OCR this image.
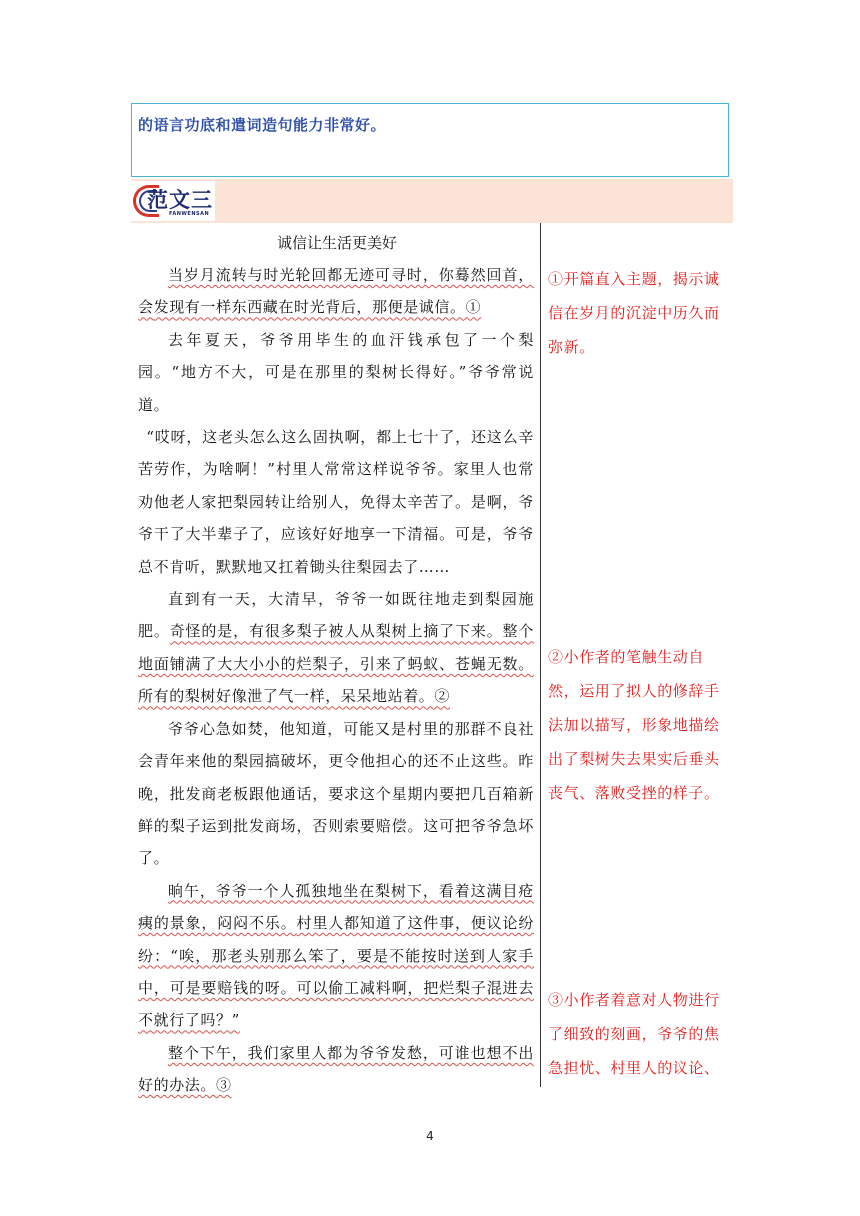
的语言功底和遣词造句能力非常好。
范文三
FANWENSAN
诚信让生活更美好

当岁月流转与时光轮回都无迹可寻时，你蓦然回首，会发现有一样东西藏在时光背后，那便是诚信。①

去年夏天，爷爷用毕生的血汗钱承包了一个梨园。“地方不大，可是在那里的梨树长得好。”爷爷常说道。

“哎呀，这老头怎么这么固执啊，都上七十了，还这么辛苦劳作，为啥啊！”村里人常常这样说爷爷。家里人也常劝他老人家把梨园转让给别人，免得太辛苦了。是啊，爷爷干了大半辈子了，应该好好地享一下清福。可是，爷爷总不肯听，默默地又扛着锄头往梨园去了……

直到有一天，大清早，爷爷一如既往地走到梨园施肥。奇怪的是，有很多梨子被人从梨树上摘了下来。整个地面铺满了大大小小的烂梨子，引来了蚂蚁、苍蝇无数。所有的梨树好像泄了气一样，呆呆地站着。②

爷爷心急如焚，他知道，可能又是村里的那群不良社会青年来他的梨园搞破坏，更令他担心的还不止这些。昨晚，批发商老板跟他通话，要求这个星期内要把几百箱新鲜的梨子运到批发商场，否则索要赔偿。这可把爷爷急坏了。

晌午，爷爷一个人孤独地坐在梨树下，看着这满目疮痍的景象，闷闷不乐。村里人都知道了这件事，便议论纷纷：“唉，那老头别那么笨了，要是不能按时送到人家手中，可是要赔钱的呀。可以偷工减料啊，把烂梨子混进去不就行了吗？”

整个下午，我们家里人都为爷爷发愁，可谁也想不出好的办法。③

①开篇直入主题，揭示诚信在岁月的沉淀中历久而弥新。
②小作者的笔触生动自然，运用了拟人的修辞手法加以描写，形象地描绘出了梨树失去果实后垂头丧气、落败受挫的样子。
③小作者着意对人物进行了细致的刻画，爷爷的焦急担忧、村里人的议论、
4
